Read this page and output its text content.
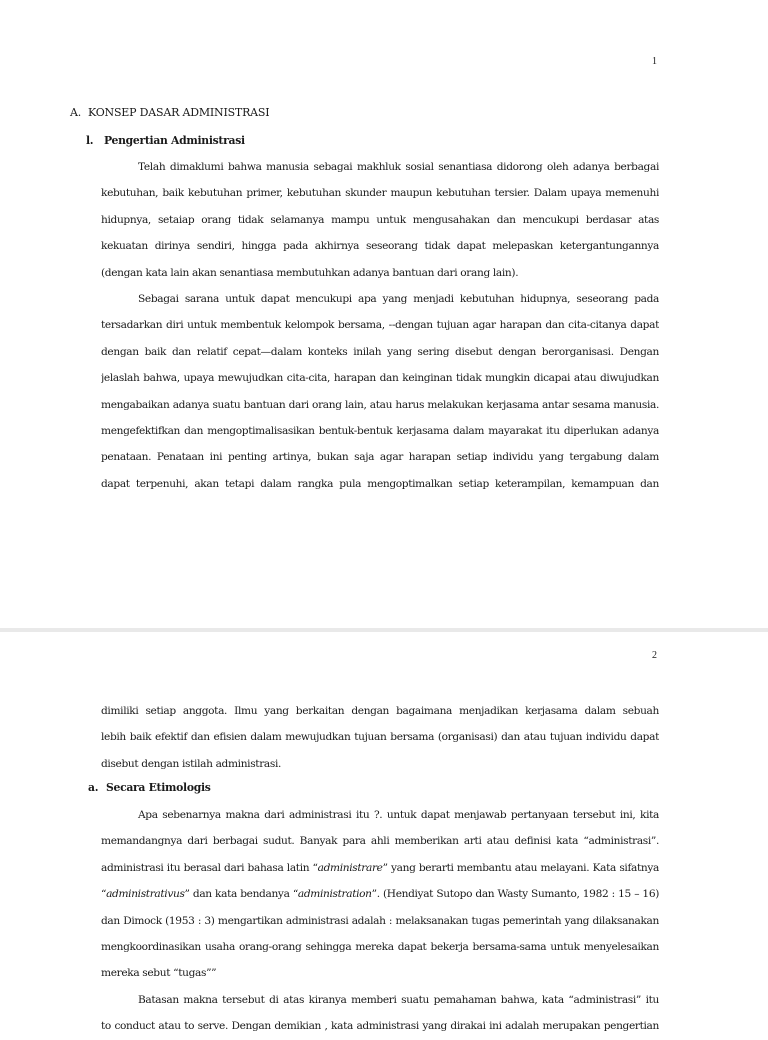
1
A. KONSEP DASAR ADMINISTRASI
l. Pengertian Administrasi
Telah dimaklumi bahwa manusia sebagai makhluk sosial senantiasa didorong oleh adanya berbagai
kebutuhan, baik kebutuhan primer, kebutuhan skunder maupun kebutuhan tersier. Dalam upaya memenuhi
hidupnya, setaiap orang tidak selamanya mampu untuk mengusahakan dan mencukupi berdasar atas
kekuatan dirinya sendiri, hingga pada akhirnya seseorang tidak dapat melepaskan ketergantungannya
(dengan kata lain akan senantiasa membutuhkan adanya bantuan dari orang lain).
Sebagai sarana untuk dapat mencukupi apa yang menjadi kebutuhan hidupnya, seseorang pada
tersadarkan diri untuk membentuk kelompok bersama, --dengan tujuan agar harapan dan cita-citanya dapat
dengan baik dan relatif cepat—dalam konteks inilah yang sering disebut dengan berorganisasi. Dengan
jelaslah bahwa, upaya mewujudkan cita-cita, harapan dan keinginan tidak mungkin dicapai atau diwujudkan
mengabaikan adanya suatu bantuan dari orang lain, atau harus melakukan kerjasama antar sesama manusia.
mengefektifkan dan mengoptimalisasikan bentuk-bentuk kerjasama dalam mayarakat itu diperlukan adanya
penataan. Penataan ini penting artinya, bukan saja agar harapan setiap individu yang tergabung dalam
dapat terpenuhi, akan tetapi dalam rangka pula mengoptimalkan setiap keterampilan, kemampuan dan
2
dimiliki setiap anggota. Ilmu yang berkaitan dengan bagaimana menjadikan kerjasama dalam sebuah
lebih baik efektif dan efisien dalam mewujudkan tujuan bersama (organisasi) dan atau tujuan individu dapat
disebut dengan istilah administrasi.
a. Secara Etimologis
Apa sebenarnya makna dari administrasi itu ?. untuk dapat menjawab pertanyaan tersebut ini, kita
memandangnya dari berbagai sudut. Banyak para ahli memberikan arti atau definisi kata “administrasi”.
administrasi itu berasal dari bahasa latin “administrare” yang berarti membantu atau melayani. Kata sifatnya
“administrativus” dan kata bendanya “administration”. (Hendiyat Sutopo dan Wasty Sumanto, 1982 : 15 – 16)
dan Dimock (1953 : 3) mengartikan administrasi adalah : melaksanakan tugas pemerintah yang dilaksanakan
mengkoordinasikan usaha orang-orang sehingga mereka dapat bekerja bersama-sama untuk menyelesaikan
mereka sebut “tugas””
Batasan makna tersebut di atas kiranya memberi suatu pemahaman bahwa, kata “administrasi” itu
to conduct atau to serve. Dengan demikian , kata administrasi yang dirakai ini adalah merupakan pengertian
